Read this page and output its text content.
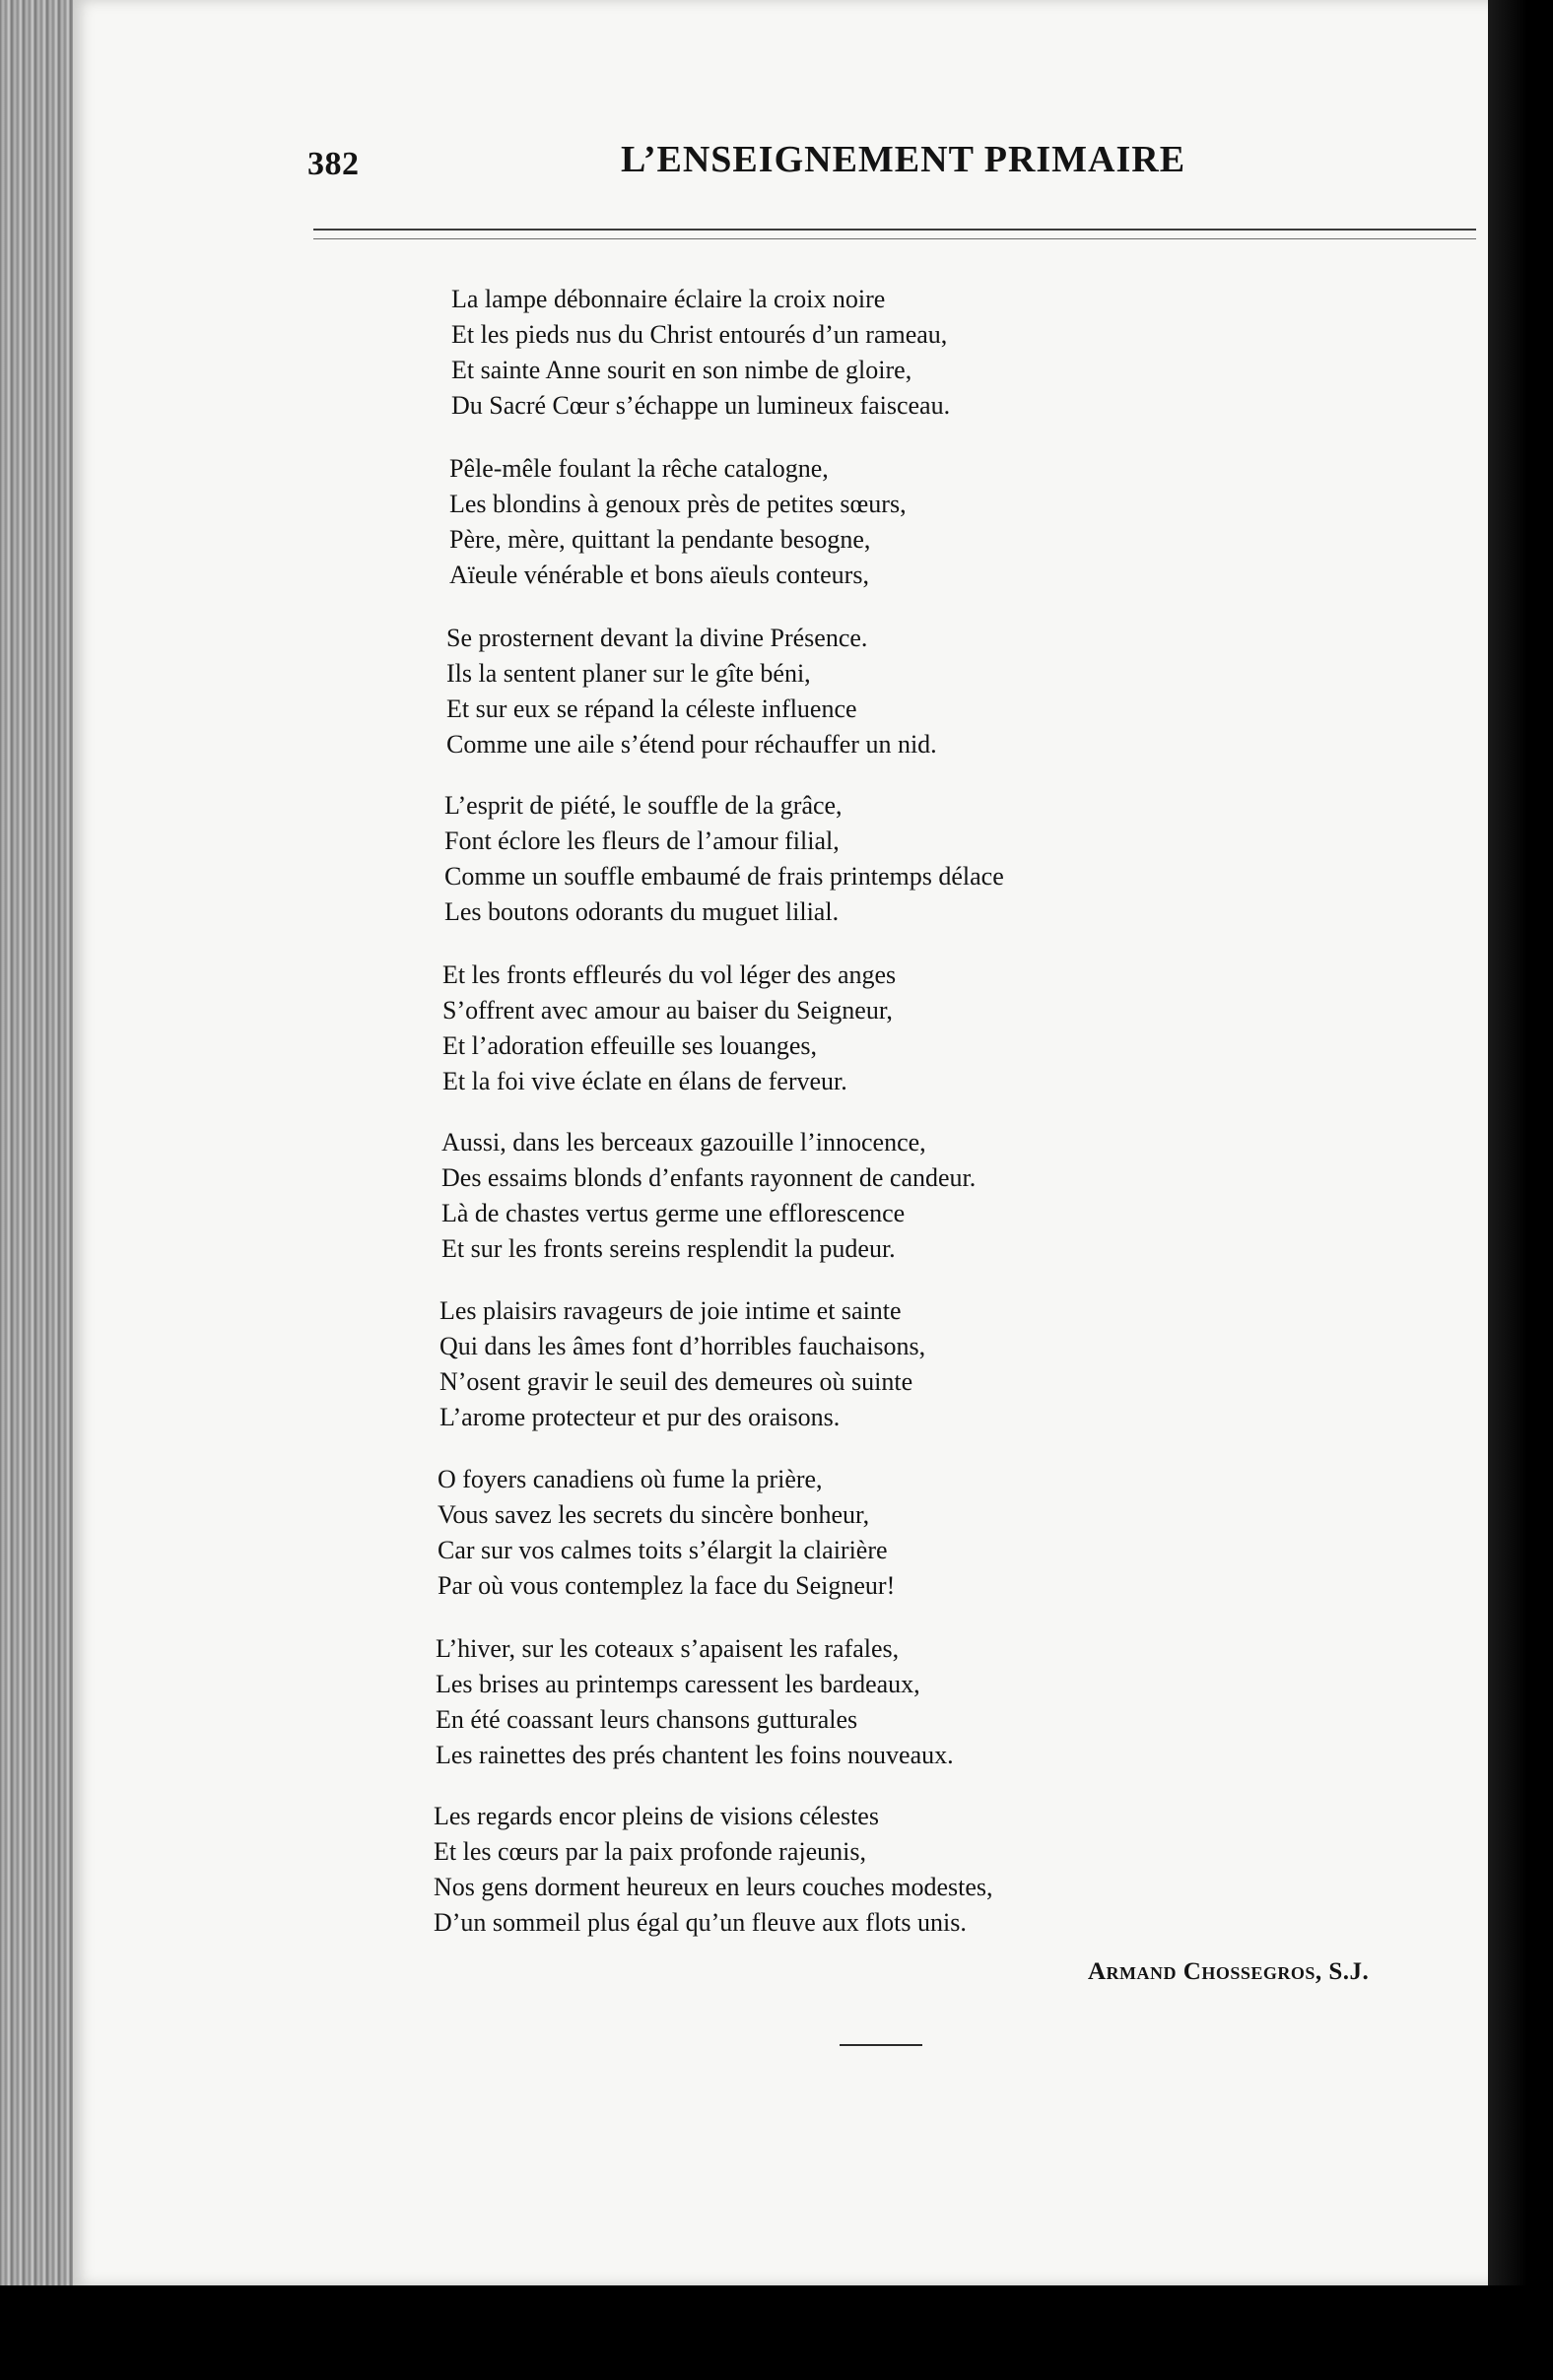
382	L’ENSEIGNEMENT PRIMAIRE
La lampe débonnaire éclaire la croix noire
Et les pieds nus du Christ entourés d’un rameau,
Et sainte Anne sourit en son nimbe de gloire,
Du Sacré Cœur s’échappe un lumineux faisceau.
Pêle-mêle foulant la rêche catalogne,
Les blondins à genoux près de petites sœurs,
Père, mère, quittant la pendante besogne,
Aïeule vénérable et bons aïeuls conteurs,
Se prosternent devant la divine Présence.
Ils la sentent planer sur le gîte béni,
Et sur eux se répand la céleste influence
Comme une aile s’étend pour réchauffer un nid.
L’esprit de piété, le souffle de la grâce,
Font éclore les fleurs de l’amour filial,
Comme un souffle embaumé de frais printemps délace
Les boutons odorants du muguet lilial.
Et les fronts effleurés du vol léger des anges
S’offrent avec amour au baiser du Seigneur,
Et l’adoration effeuille ses louanges,
Et la foi vive éclate en élans de ferveur.
Aussi, dans les berceaux gazouille l’innocence,
Des essaims blonds d’enfants rayonnent de candeur.
Là de chastes vertus germe une efflorescence
Et sur les fronts sereins resplendit la pudeur.
Les plaisirs ravageurs de joie intime et sainte
Qui dans les âmes font d’horribles fauchaisons,
N’osent gravir le seuil des demeures où suinte
L’arome protecteur et pur des oraisons.
O foyers canadiens où fume la prière,
Vous savez les secrets du sincère bonheur,
Car sur vos calmes toits s’élargit la clairière
Par où vous contemplez la face du Seigneur!
L’hiver, sur les coteaux s’apaisent les rafales,
Les brises au printemps caressent les bardeaux,
En été coassant leurs chansons gutturales
Les rainettes des prés chantent les foins nouveaux.
Les regards encor pleins de visions célestes
Et les cœurs par la paix profonde rajeunis,
Nos gens dorment heureux en leurs couches modestes,
D’un sommeil plus égal qu’un fleuve aux flots unis.
Armand Chossegros, S.J.
